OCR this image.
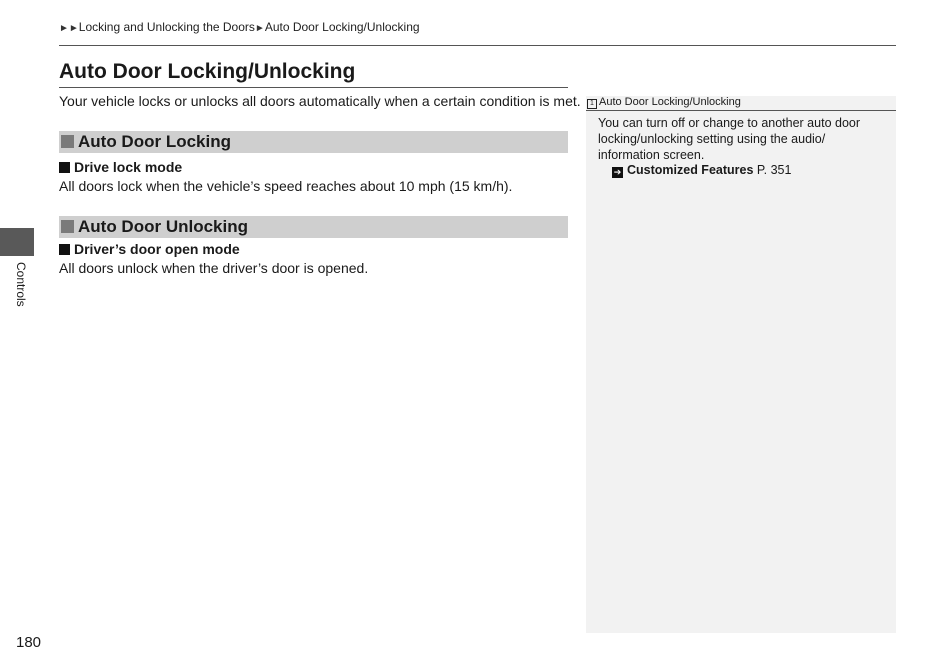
►►Locking and Unlocking the Doors►Auto Door Locking/Unlocking
Auto Door Locking/Unlocking
Your vehicle locks or unlocks all doors automatically when a certain condition is met.
Auto Door Locking
Drive lock mode
All doors lock when the vehicle’s speed reaches about 10 mph (15 km/h).
Auto Door Unlocking
Driver’s door open mode
All doors unlock when the driver’s door is opened.
1 Auto Door Locking/Unlocking
You can turn off or change to another auto door locking/unlocking setting using the audio/ information screen.
➔ Customized Features P. 351
Controls
180
